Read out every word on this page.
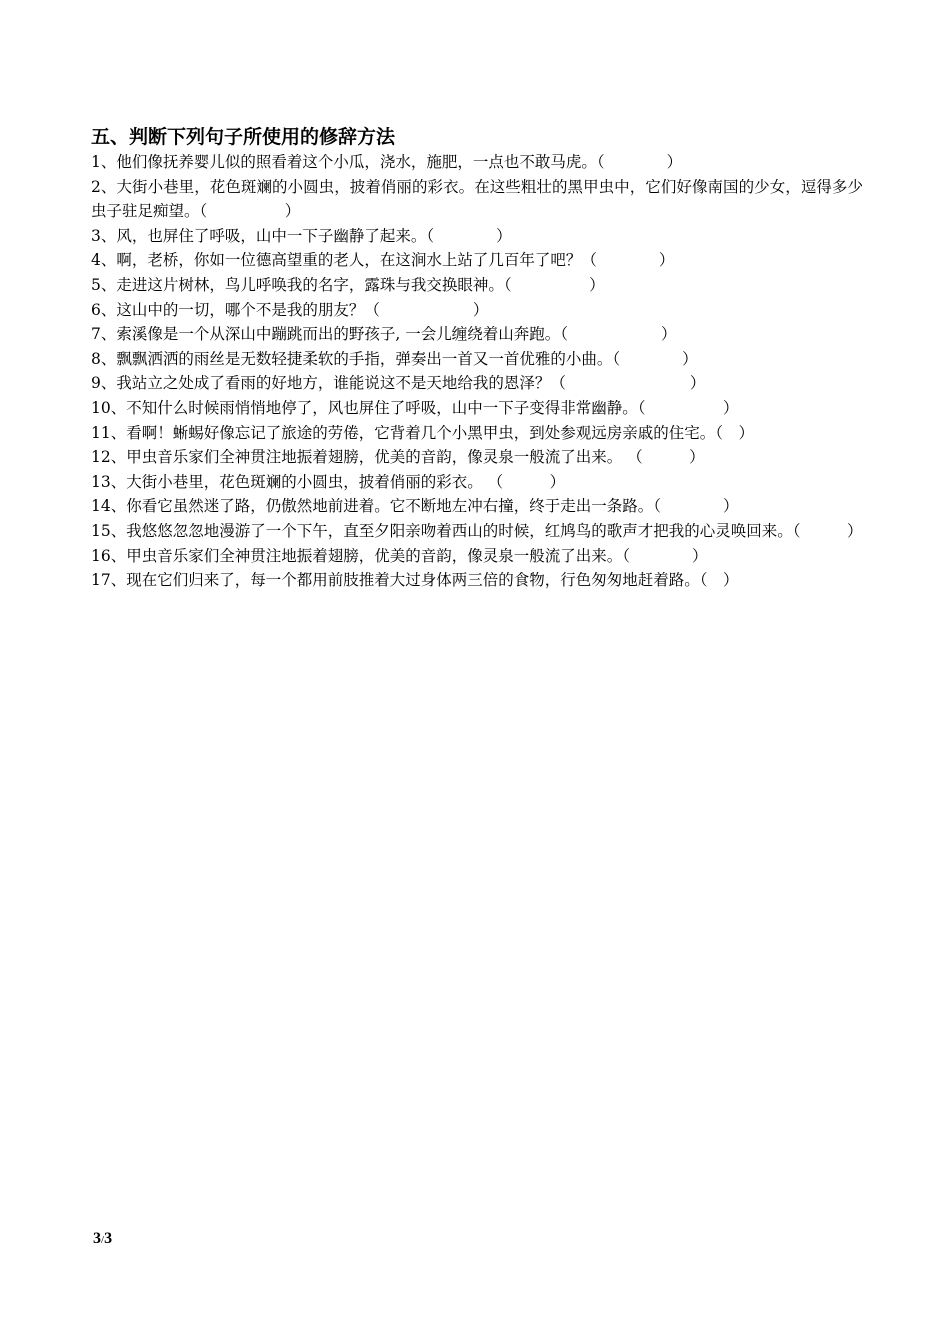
五、判断下列句子所使用的修辞方法
1、他们像抚养婴儿似的照看着这个小瓜，浇水，施肥，一点也不敢马虎。（　　　　）
2、大街小巷里，花色斑斓的小圆虫，披着俏丽的彩衣。在这些粗壮的黑甲虫中，它们好像南国的少女，逗得多少虫子驻足痴望。（　　　　　）
3、风，也屏住了呼吸，山中一下子幽静了起来。（　　　　）
4、啊，老桥，你如一位德高望重的老人，在这涧水上站了几百年了吧？（　　　　）
5、走进这片树林，鸟儿呼唤我的名字，露珠与我交换眼神。（　　　　　）
6、这山中的一切，哪个不是我的朋友？（　　　　　　）
7、索溪像是一个从深山中蹦跳而出的野孩子, 一会儿缠绕着山奔跑。（　　　　　　）
8、飘飘洒洒的雨丝是无数轻捷柔软的手指，弹奏出一首又一首优雅的小曲。（　　　　）
9、我站立之处成了看雨的好地方，谁能说这不是天地给我的恩泽？（　　　　　　　　）
10、不知什么时候雨悄悄地停了，风也屏住了呼吸，山中一下子变得非常幽静。（　　　　　）
11、看啊！蜥蜴好像忘记了旅途的劳倦，它背着几个小黑甲虫，到处参观远房亲戚的住宅。（　）
12、甲虫音乐家们全神贯注地振着翅膀，优美的音韵，像灵泉一般流了出来。 （　　　）
13、大街小巷里，花色斑斓的小圆虫，披着俏丽的彩衣。 （　　　）
14、你看它虽然迷了路，仍傲然地前进着。它不断地左冲右撞，终于走出一条路。（　　　　）
15、我悠悠忽忽地漫游了一个下午，直至夕阳亲吻着西山的时候，红鸠鸟的歌声才把我的心灵唤回来。（　　　）
16、甲虫音乐家们全神贯注地振着翅膀，优美的音韵，像灵泉一般流了出来。（　　　　）
17、现在它们归来了，每一个都用前肢推着大过身体两三倍的食物，行色匆匆地赶着路。（　）
3/3
